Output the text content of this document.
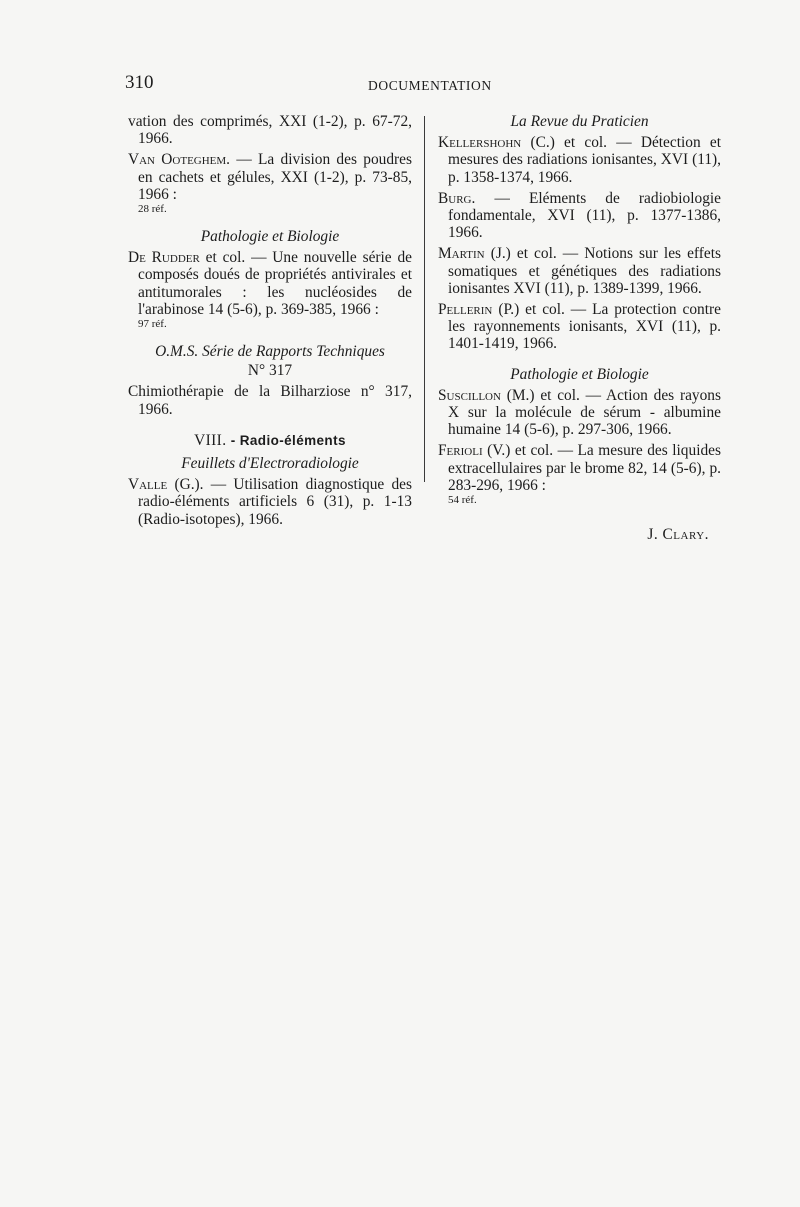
310	DOCUMENTATION

vation des comprimés, XXI (1-2), p. 67-72, 1966.

Van Ooteghem. — La division des poudres en cachets et gélules, XXI (1-2), p. 73-85, 1966 :
28 réf.

Pathologie et Biologie

De Rudder et col. — Une nouvelle série de composés doués de propriétés antivirales et antitumorales : les nucléosides de l'arabinose 14 (5-6), p. 369-385, 1966 :
97 réf.

O.M.S. Série de Rapports Techniques
N° 317

Chimiothérapie de la Bilharziose n° 317, 1966.

VIII. - Radio-éléments
Feuillets d'Electroradiologie

Valle (G.). — Utilisation diagnostique des radio-éléments artificiels 6 (31), p. 1-13 (Radio-isotopes), 1966.

La Revue du Praticien

Kellershohn (C.) et col. — Détection et mesures des radiations ionisantes, XVI (11), p. 1358-1374, 1966.

Burg. — Eléments de radiobiologie fondamentale, XVI (11), p. 1377-1386, 1966.

Martin (J.) et col. — Notions sur les effets somatiques et génétiques des radiations ionisantes XVI (11), p. 1389-1399, 1966.

Pellerin (P.) et col. — La protection contre les rayonnements ionisants, XVI (11), p. 1401-1419, 1966.

Pathologie et Biologie

Suscillon (M.) et col. — Action des rayons X sur la molécule de sérum - albumine humaine 14 (5-6), p. 297-306, 1966.

Ferioli (V.) et col. — La mesure des liquides extracellulaires par le brome 82, 14 (5-6), p. 283-296, 1966 :
54 réf.

J. Clary.
